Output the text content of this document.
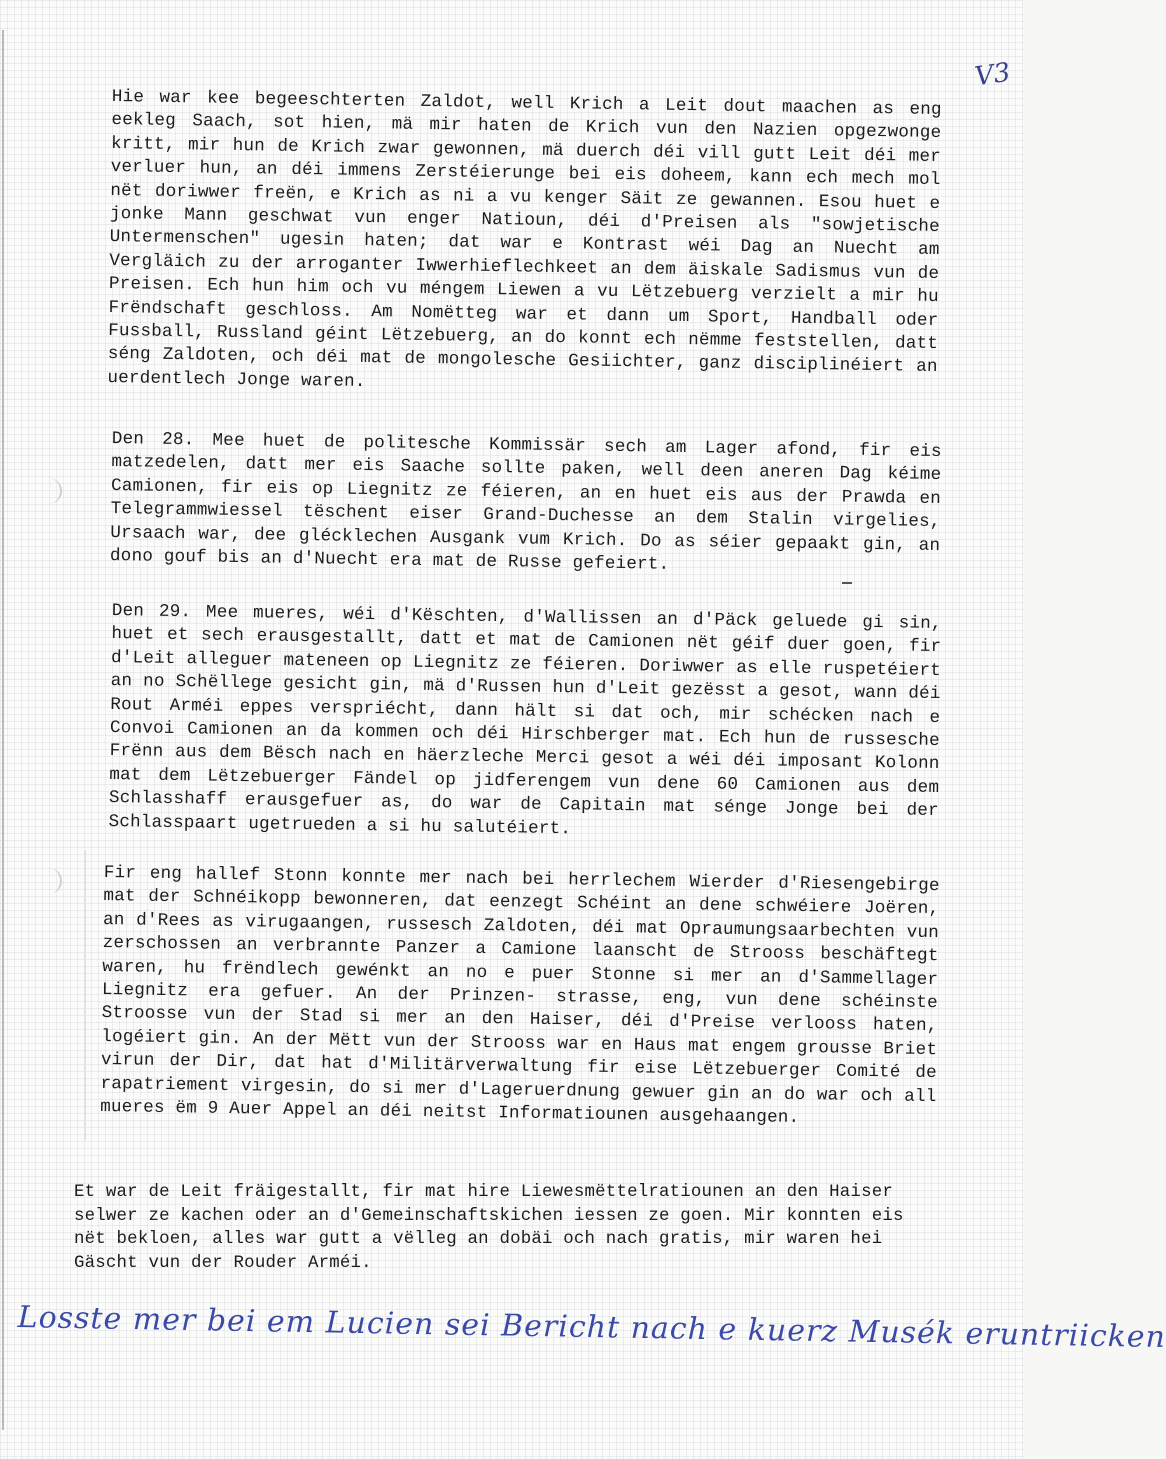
V3

Hie war kee begeeschterten Zaldot, well Krich a Leit dout maachen as eng eekleg Saach, sot hien, mä mir haten de Krich vun den Nazien opgezwonge kritt, mir hun de Krich zwar gewonnen, mä duerch déi vill gutt Leit déi mer verluer hun, an déi immens Zerstéierunge bei eis doheem, kann ech mech mol nët doriwwer freën, e Krich as ni a vu kenger Säit ze gewannen. Esou huet e jonke Mann geschwat vun enger Natioun, déi d'Preisen als "sowjetische Untermenschen" ugesin haten; dat war e Kontrast wéi Dag an Nuecht am Vergläich zu der arroganter Iwwerhieflechkeet an dem äiskale Sadismus vun de Preisen. Ech hun him och vu méngem Liewen a vu Lëtzebuerg verzielt a mir hu Frëndschaft geschloss. Am Nomëtteg war et dann um Sport, Handball oder Fussball, Russland géint Lëtzebuerg, an do konnt ech nëmme feststellen, datt séng Zaldoten, och déi mat de mongolesche Gesiichter, ganz disciplinéiert an uerdentlech Jonge waren.

Den 28. Mee huet de politesche Kommissär sech am Lager afond, fir eis matzedelen, datt mer eis Saache sollte paken, well deen aneren Dag kéime Camionen, fir eis op Liegnitz ze féieren, an en huet eis aus der Prawda en Telegrammwiessel tëschent eiser Grand-Duchesse an dem Stalin virgelies, Ursaach war, dee glécklechen Ausgank vum Krich. Do as séier gepaakt gin, an dono gouf bis an d'Nuecht era mat de Russe gefeiert.

Den 29. Mee mueres, wéi d'Këschten, d'Wallissen an d'Päck geluede gi sin, huet et sech erausgestallt, datt et mat de Camionen nët géif duer goen, fir d'Leit alleguer mateneen op Liegnitz ze féieren. Doriwwer as elle ruspetéiert an no Schëllege gesicht gin, mä d'Russen hun d'Leit gezësst a gesot, wann déi Rout Arméi eppes verspriécht, dann hält si dat och, mir schécken nach e Convoi Camionen an da kommen och déi Hirschberger mat. Ech hun de russesche Frënn aus dem Bësch nach en häerzleche Merci gesot a wéi déi imposant Kolonn mat dem Lëtzebuerger Fändel op jidferengem vun dene 60 Camionen aus dem Schlasshaff erausgefuer as, do war de Capitain mat sénge Jonge bei der Schlasspaart ugetrueden a si hu salutéiert.

Fir eng hallef Stonn konnte mer nach bei herrlechem Wierder d'Riesengebirge mat der Schnéikopp bewonneren, dat eenzegt Schéint an dene schwéiere Joëren, an d'Rees as virugaangen, russesch Zaldoten, déi mat Opraumungsaarbechten vun zerschossen an verbrannte Panzer a Camione laanscht de Strooss beschäftegt waren, hu frëndlech gewénkt an no e puer Stonne si mer an d'Sammellager Liegnitz era gefuer. An der Prinzen- strasse, eng, vun dene schéinste Stroosse vun der Stad si mer an den Haiser, déi d'Preise verlooss haten, logéiert gin. An der Mëtt vun der Strooss war en Haus mat engem grousse Briet virun der Dir, dat hat d'Militärverwaltung fir eise Lëtzebuerger Comité de rapatriement virgesin, do si mer d'Lageruerdnung gewuer gin an do war och all mueres ëm 9 Auer Appel an déi neitst Informatiounen ausgehaangen.

Et war de Leit fräigestallt, fir mat hire Liewesmëttelratiounen an den Haiser selwer ze kachen oder an d'Gemeinschaftskichen iessen ze goen. Mir konnten eis nët bekloen, alles war gutt a vëlleg an dobäi och nach gratis, mir waren hei Gäscht vun der Rouder Arméi.

Losste mer bei em Lucien sei Bericht nach e kuerz Musék eruntriicken
